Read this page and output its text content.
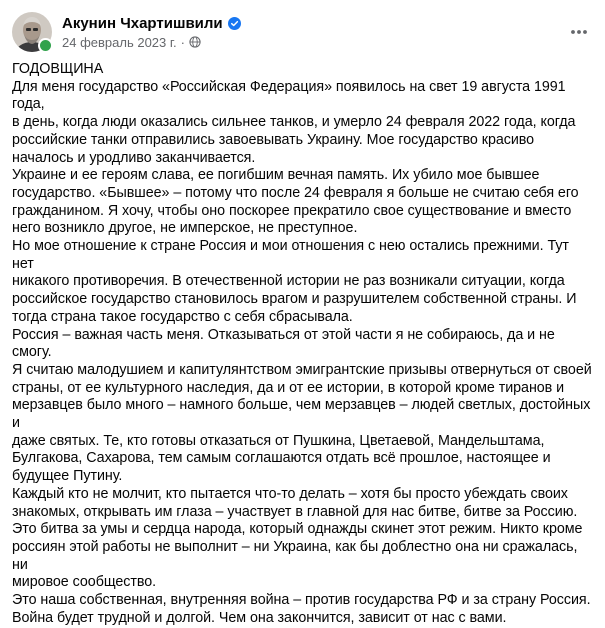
Акунин Чхартишвили
24 февраль 2023 г. ·

ГОДОВЩИНА

Для меня государство «Российская Федерация» появилось на свет 19 августа 1991 года,
в день, когда люди оказались сильнее танков, и умерло 24 февраля 2022 года, когда
российские танки отправились завоевывать Украину. Мое государство красиво
началось и уродливо заканчивается.

Украине и ее героям слава, ее погибшим вечная память. Их убило мое бывшее
государство. «Бывшее» – потому что после 24 февраля я больше не считаю себя его
гражданином. Я хочу, чтобы оно поскорее прекратило свое существование и вместо
него возникло другое, не имперское, не преступное.

Но мое отношение к стране Россия и мои отношения с нею остались прежними. Тут нет
никакого противоречия. В отечественной истории не раз возникали ситуации, когда
российское государство становилось врагом и разрушителем собственной страны. И
тогда страна такое государство с себя сбрасывала.

Россия – важная часть меня. Отказываться от этой части я не собираюсь, да и не смогу.
Я считаю малодушием и капитулянтством эмигрантские призывы отвернуться от своей
страны, от ее культурного наследия, да и от ее истории, в которой кроме тиранов и
мерзавцев было много – намного больше, чем мерзавцев – людей светлых, достойных и
даже святых. Те, кто готовы отказаться от Пушкина, Цветаевой, Мандельштама,
Булгакова, Сахарова, тем самым соглашаются отдать всё прошлое, настоящее и
будущее Путину.

Каждый кто не молчит, кто пытается что-то делать – хотя бы просто убеждать своих
знакомых, открывать им глаза – участвует в главной для нас битве, битве за Россию.
Это битва за умы и сердца народа, который однажды скинет этот режим. Никто кроме
россиян этой работы не выполнит – ни Украина, как бы доблестно она ни сражалась, ни
мировое сообщество.

Это наша собственная, внутренняя война – против государства РФ и за страну Россия.
Война будет трудной и долгой. Чем она закончится, зависит от нас с вами.
